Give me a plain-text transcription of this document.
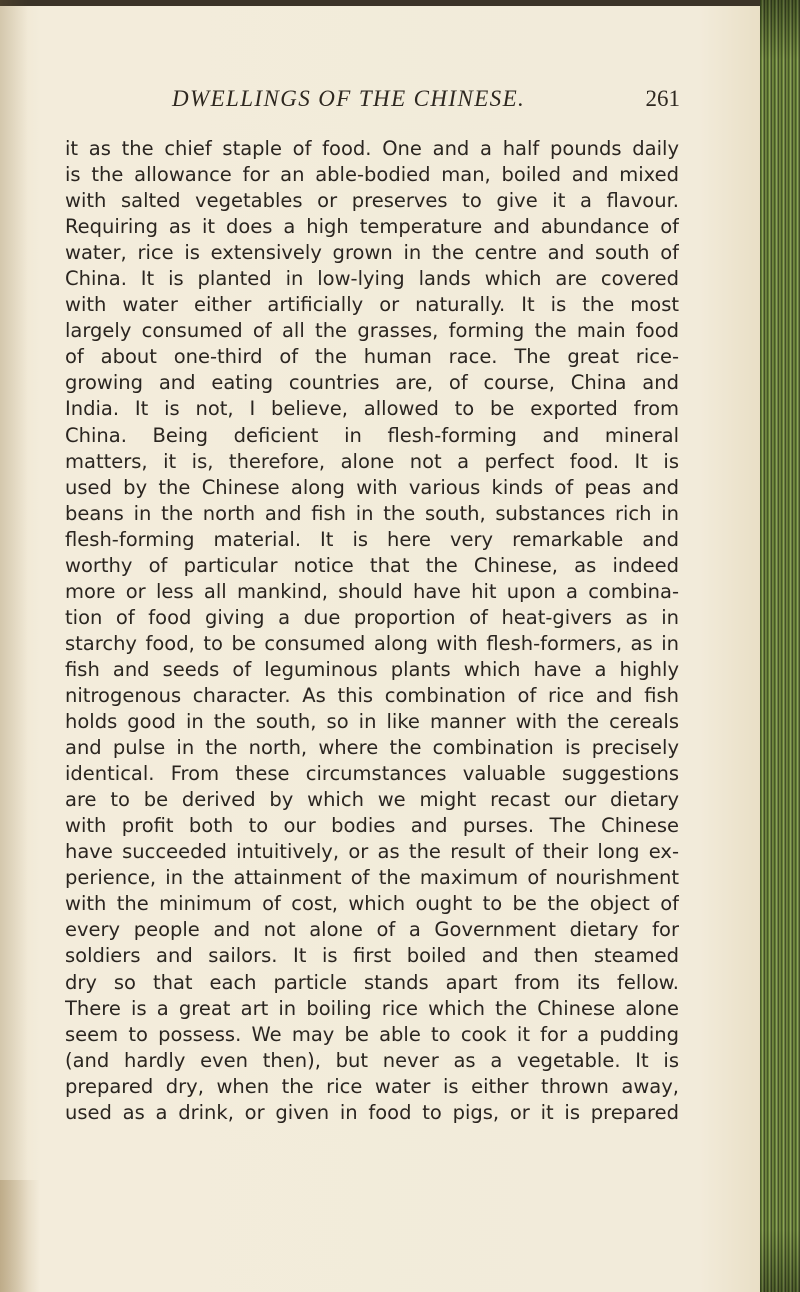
DWELLINGS OF THE CHINESE.	261
it as the chief staple of food. One and a half pounds daily
is the allowance for an able-bodied man, boiled and mixed
with salted vegetables or preserves to give it a flavour.
Requiring as it does a high temperature and abundance of
water, rice is extensively grown in the centre and south of
China. It is planted in low-lying lands which are covered
with water either artificially or naturally. It is the most
largely consumed of all the grasses, forming the main food
of about one-third of the human race. The great rice-
growing and eating countries are, of course, China and
India. It is not, I believe, allowed to be exported from
China. Being deficient in flesh-forming and mineral
matters, it is, therefore, alone not a perfect food. It is
used by the Chinese along with various kinds of peas and
beans in the north and fish in the south, substances rich in
flesh-forming material. It is here very remarkable and
worthy of particular notice that the Chinese, as indeed
more or less all mankind, should have hit upon a combina-
tion of food giving a due proportion of heat-givers as in
starchy food, to be consumed along with flesh-formers, as in
fish and seeds of leguminous plants which have a highly
nitrogenous character. As this combination of rice and fish
holds good in the south, so in like manner with the cereals
and pulse in the north, where the combination is precisely
identical. From these circumstances valuable suggestions
are to be derived by which we might recast our dietary
with profit both to our bodies and purses. The Chinese
have succeeded intuitively, or as the result of their long ex-
perience, in the attainment of the maximum of nourishment
with the minimum of cost, which ought to be the object of
every people and not alone of a Government dietary for
soldiers and sailors. It is first boiled and then steamed
dry so that each particle stands apart from its fellow.
There is a great art in boiling rice which the Chinese alone
seem to possess. We may be able to cook it for a pudding
(and hardly even then), but never as a vegetable. It is
prepared dry, when the rice water is either thrown away,
used as a drink, or given in food to pigs, or it is prepared
